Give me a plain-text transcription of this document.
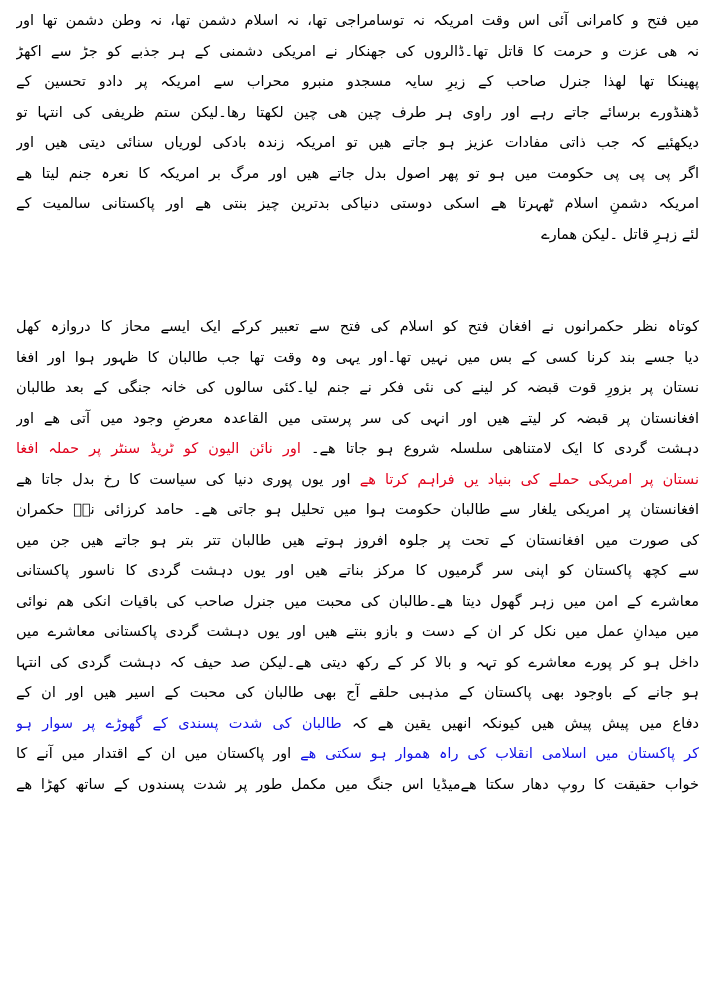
میں فتح و کامرانی آئی اس وقت امریکہ نہ توسامراجی تھا، نہ اسلام دشمن تھا، نہ وطن دشمن تھا اور
نہ ھی عزت و حرمت کا قاتل تھا۔ڈالروں کی جھنکار نے امریکی دشمنی کے ہر جذبے کو جڑ سے اکھڑ
پھینکا تھا لھذا جنرل صاحب کے زیرِ سایہ مسجدو منبرو محراب سے امریکہ پر دادو تحسین کے
ڈھنڈورے برسائے جاتے رہے اور راوی ہر طرف چین ھی چین لکھتا رھا۔لیکن ستم ظریفی کی انتہا تو
دیکھئیے کہ جب ذاتی مفادات عزیز ہو جاتے ھیں تو امریکہ زندہ بادکی لوریاں سنائی دیتی ھیں اور
اگر پی پی پی حکومت میں ہو تو پھر اصول بدل جاتے ھیں اور مرگ بر امریکہ کا نعرہ جنم لیتا ھے
امریکہ دشمنِ اسلام ٹھہرتا ھے اسکی دوستی دنیاکی بدترین چیز بنتی ھے اور پاکستانی سالمیت کے
لئے زہرِ قاتل ۔لیکن ھمارے
کوتاہ نظر حکمرانوں نے افغان فتح کو اسلام کی فتح سے تعبیر کرکے ایک ایسے محاز کا دروازہ کھل
دیا جسے بند کرنا کسی کے بس میں نہیں تھا۔اور یہی وہ وقت تھا جب طالبان کا ظہور ہوا اور افغا
نستان پر بزورِ قوت قبضہ کر لینے کی نئی فکر نے جنم لیا۔کئی سالوں کی خانہ جنگی کے بعد طالبان
افغانستان پر قبضہ کر لیتے ھیں اور انہی کی سر پرستی میں القاعدہ معرضِ وجود میں آتی ھے اور
دہشت گردی کا ایک لامتناھی سلسلہ شروع ہو جاتا ھے۔ اور نائن الیون کو ٹریڈ سنٹر پر حملہ افغا
نستان پر امریکی حملے کی بنیاد یں فراہم کرتا ھے اور یوں پوری دنیا کی سیاست کا رخ بدل جاتا ھے
افغانستان پر امریکی یلغار سے طالبان حکومت ہوا میں تحلیل ہو جاتی ھے۔ حامد کرزائی نےؑ حکمران
کی صورت میں افغانستان کے تحت پر جلوہ افروز ہوتے ھیں طالبان تتر بتر ہو جاتے ھیں جن میں
سے کچھ پاکستان کو اپنی سر گرمیوں کا مرکز بناتے ھیں اور یوں دہشت گردی کا ناسور پاکستانی
معاشرے کے امن میں زہر گھول دیتا ھے۔طالبان کی محبت میں جنرل صاحب کی باقیات انکی ھم نوائی
میں میدانِ عمل میں نکل کر ان کے دست و بازو بنتے ھیں اور یوں دہشت گردی پاکستانی معاشرے میں
داخل ہو کر پورے معاشرے کو تہہ و بالا کر کے رکھ دیتی ھے۔لیکن صد حیف کہ دہشت گردی کی انتہا
ہو جانے کے باوجود بھی پاکستان کے مذہبی حلقے آج بھی طالبان کی محبت کے اسیر ھیں اور ان کے
دفاع میں پیش پیش ھیں کیونکہ انھیں یقین ھے کہ طالبان کی شدت پسندی کے گھوڑے پر سوار ہو
کر پاکستان میں اسلامی انقلاب کی راہ ھموار ہو سکتی ھے اور پاکستان میں ان کے اقتدار میں آنے کا
خواب حقیقت کا روپ دھار سکتا ھےمیڈیا اس جنگ میں مکمل طور پر شدت پسندوں کے ساتھ کھڑا ھے
